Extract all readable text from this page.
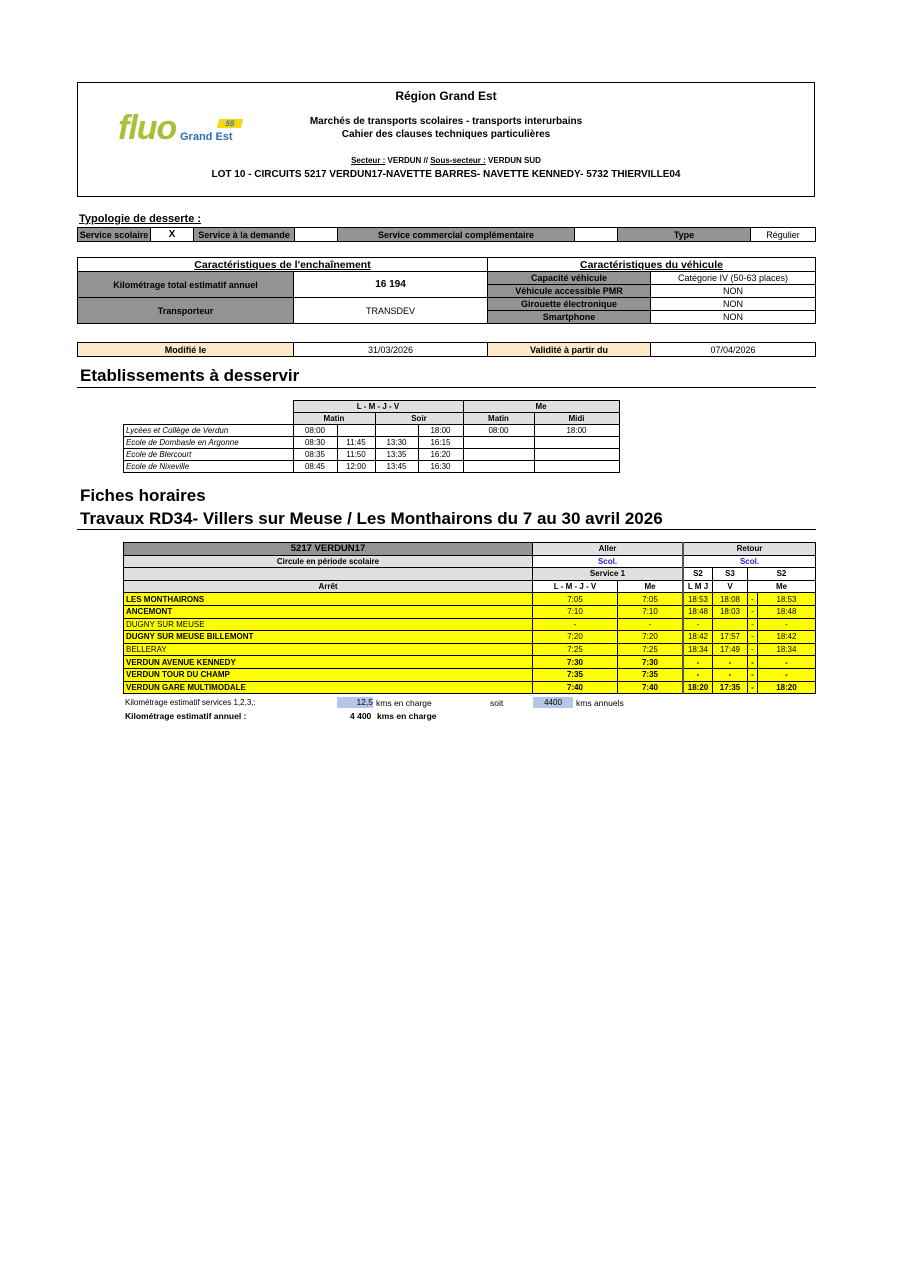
Région Grand Est
fluo Grand Est
55	Marchés de transports scolaires - transports interurbains
Cahier des clauses techniques particulières
Secteur : VERDUN // Sous-secteur : VERDUN SUD
LOT 10 - CIRCUITS 5217 VERDUN17-NAVETTE BARRES- NAVETTE KENNEDY- 5732 THIERVILLE04
Typologie de desserte :
Service scolaire	X	Service à la demande		Service commercial complémentaire		Type	Régulier
Caractéristiques de l'enchaînement		Caractéristiques du véhicule	
Kilométrage total estimatif annuel	16 194	Capacité véhicule	Catégorie IV (50-63 places)
		Véhicule accessible PMR	NON
Transporteur	TRANSDEV	Girouette électronique	NON
		Smartphone	NON
Modifié le	31/03/2026	Validité à partir du	07/04/2026
Etablissements à desservir
	L - M - J - V				Me	
	Matin		Soir		Matin	Midi
Lycées et Collège de Verdun	08:00			18:00	08:00	18:00
Ecole de Dombasle en Argonne	08:30	11:45	13:30	16:15		
Ecole de Blercourt	08:35	11:50	13:35	16:20		
Ecole de Nixeville	08:45	12:00	13:45	16:30		
Fiches horaires
Travaux RD34- Villers sur Meuse / Les Monthairons du 7 au 30 avril 2026
5217 VERDUN17	Aller		Retour			
Circule en période scolaire	Scol.		Scol.			
	Service 1		S2	S3	S2	
Arrêt	L - M - J - V	Me	L M J	V	Me	
LES MONTHAIRONS	7:05	7:05	18:53	18:08	-	18:53
ANCEMONT	7:10	7:10	18:48	18:03	-	18:48
DUGNY SUR MEUSE	-	-	-		-	-
DUGNY SUR MEUSE BILLEMONT	7:20	7:20	18:42	17:57	-	18:42
BELLERAY	7:25	7:25	18:34	17:49	-	18:34
VERDUN AVENUE KENNEDY	7:30	7:30	-	-	-	-
VERDUN TOUR DU CHAMP	7:35	7:35	-	-	-	-
VERDUN GARE MULTIMODALE	7:40	7:40	18:20	17:35	-	18:20
Kilométrage estimatif services 1,2,3,:	12,5 kms en charge	soit	4400	kms annuels
Kilométrage estimatif annuel :	4 400 kms en charge
